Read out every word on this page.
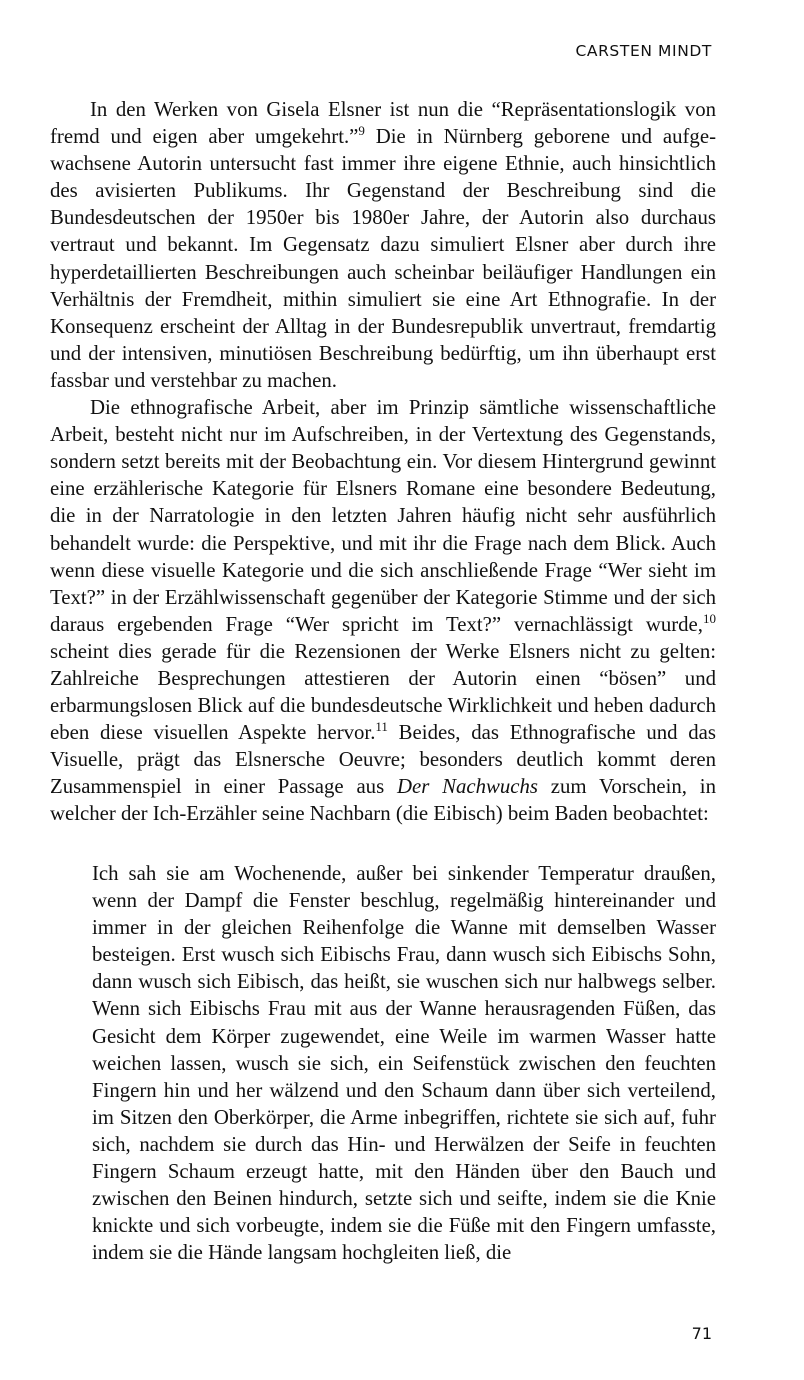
CARSTEN MINDT

In den Werken von Gisela Elsner ist nun die “Repräsentationslogik von fremd und eigen aber umgekehrt.”$^9$ Die in Nürnberg geborene und aufgewachsene Autorin untersucht fast immer ihre eigene Ethnie, auch hinsichtlich des avisierten Publikums. Ihr Gegenstand der Beschreibung sind die Bundesdeutschen der 1950er bis 1980er Jahre, der Autorin also durchaus vertraut und bekannt. Im Gegensatz dazu simuliert Elsner aber durch ihre hyperdetaillierten Beschreibungen auch scheinbar beiläufiger Handlungen ein Verhältnis der Fremdheit, mithin simuliert sie eine Art Ethnografie. In der Konsequenz erscheint der Alltag in der Bundesrepublik unvertraut, fremdartig und der intensiven, minutiösen Beschreibung bedürftig, um ihn überhaupt erst fassbar und verstehbar zu machen.

Die ethnografische Arbeit, aber im Prinzip sämtliche wissenschaftliche Arbeit, besteht nicht nur im Aufschreiben, in der Vertextung des Gegenstands, sondern setzt bereits mit der Beobachtung ein. Vor diesem Hintergrund gewinnt eine erzählerische Kategorie für Elsners Romane eine besondere Bedeutung, die in der Narratologie in den letzten Jahren häufig nicht sehr ausführlich behandelt wurde: die Perspektive, und mit ihr die Frage nach dem Blick. Auch wenn diese visuelle Kategorie und die sich anschließende Frage “Wer sieht im Text?” in der Erzählwissenschaft gegenüber der Kategorie Stimme und der sich daraus ergebenden Frage “Wer spricht im Text?” vernachlässigt wurde,$^{10}$ scheint dies gerade für die Rezensionen der Werke Elsners nicht zu gelten: Zahlreiche Besprechungen attestieren der Autorin einen “bösen” und erbarmungslosen Blick auf die bundesdeutsche Wirklichkeit und heben dadurch eben diese visuellen Aspekte hervor.$^{11}$ Beides, das Ethnografische und das Visuelle, prägt das Elsnersche Oeuvre; besonders deutlich kommt deren Zusammenspiel in einer Passage aus Der Nachwuchs zum Vorschein, in welcher der Ich-Erzähler seine Nachbarn (die Eibisch) beim Baden beobachtet:

Ich sah sie am Wochenende, außer bei sinkender Temperatur draußen, wenn der Dampf die Fenster beschlug, regelmäßig hintereinander und immer in der gleichen Reihenfolge die Wanne mit demselben Wasser besteigen. Erst wusch sich Eibischs Frau, dann wusch sich Eibischs Sohn, dann wusch sich Eibisch, das heißt, sie wuschen sich nur halbwegs selber. Wenn sich Eibischs Frau mit aus der Wanne herausragenden Füßen, das Gesicht dem Körper zugewendet, eine Weile im warmen Wasser hatte weichen lassen, wusch sie sich, ein Seifenstück zwischen den feuchten Fingern hin und her wälzend und den Schaum dann über sich verteilend, im Sitzen den Oberkörper, die Arme inbegriffen, richtete sie sich auf, fuhr sich, nachdem sie durch das Hin- und Herwälzen der Seife in feuchten Fingern Schaum erzeugt hatte, mit den Händen über den Bauch und zwischen den Beinen hindurch, setzte sich und seifte, indem sie die Knie knickte und sich vorbeugte, indem sie die Füße mit den Fingern umfasste, indem sie die Hände langsam hochgleiten ließ, die

71
